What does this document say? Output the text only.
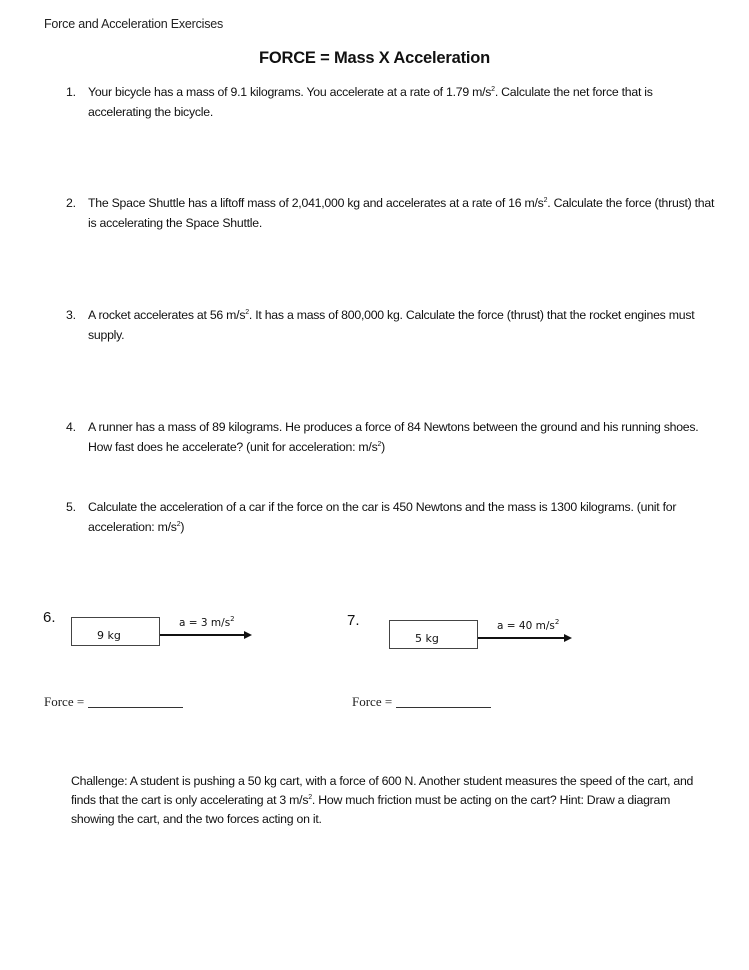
Force and Acceleration Exercises
FORCE = Mass X Acceleration
1. Your bicycle has a mass of 9.1 kilograms. You accelerate at a rate of 1.79 $m/s^2$. Calculate the net force that is accelerating the bicycle.
2. The Space Shuttle has a liftoff mass of 2,041,000 kg and accelerates at a rate of 16 $m/s^2$. Calculate the force (thrust) that is accelerating the Space Shuttle.
3. A rocket accelerates at 56 $m/s^2$. It has a mass of 800,000 kg. Calculate the force (thrust) that the rocket engines must supply.
4. A runner has a mass of 89 kilograms. He produces a force of 84 Newtons between the ground and his running shoes. How fast does he accelerate? (unit for acceleration: $m/s^2$)
5. Calculate the acceleration of a car if the force on the car is 450 Newtons and the mass is 1300 kilograms. (unit for acceleration: $m/s^2$)
6.
9 kg
a = 3 $m/s^2$
Force =
7.
5 kg
a = 40 $m/s^2$
Force =
Challenge: A student is pushing a 50 kg cart, with a force of 600 N. Another student measures the speed of the cart, and finds that the cart is only accelerating at 3 $m/s^2$. How much friction must be acting on the cart? Hint: Draw a diagram showing the cart, and the two forces acting on it.
